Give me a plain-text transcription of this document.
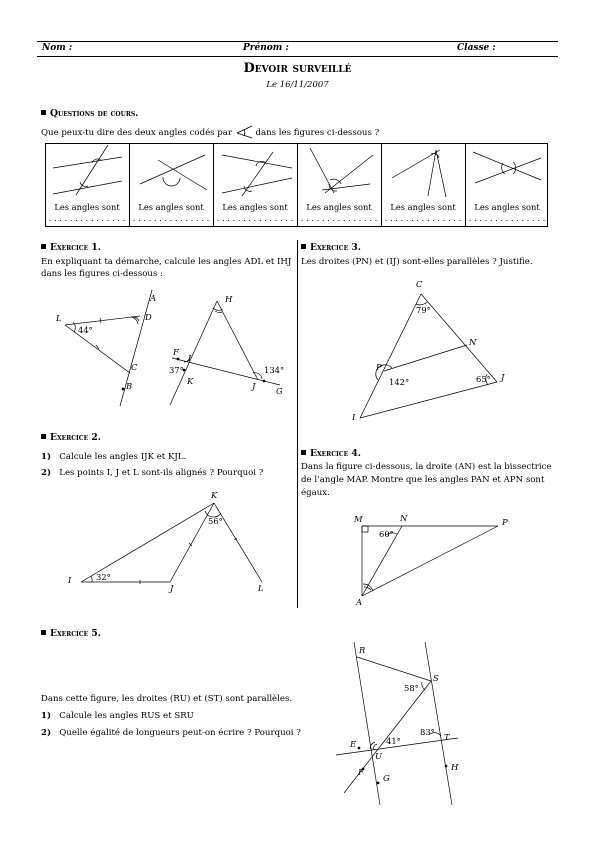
Nom :	Prénom :	Classe :
Devoir surveillé
Le 16/11/2007
Questions de cours.
Que peux-tu dire des deux angles codés par	dans les figures ci-dessous ?
Les angles sont
. . . . . . . . . . . . . . .
Les angles sont
. . . . . . . . . . . . . . .
Les angles sont
. . . . . . . . . . . . . . .
Les angles sont
. . . . . . . . . . . . . . .
Les angles sont
. . . . . . . . . . . . . . .
Les angles sont
. . . . . . . . . . . . . . .
Exercice 1.
En expliquant ta démarche, calcule les angles ADL et IHJ
dans les figures ci-dessous :
A
D
L
44°
C
B
H
F
I
37°
K	J
134°
G
Exercice 3.
Les droites (PN) et (IJ) sont-elles parallèles ? Justifie.
C
79°
N
P
142°	65° J
I
Exercice 2.
1) Calcule les angles IJK et KJL.
2) Les points I, J et L sont-ils alignés ? Pourquoi ?
K
56°
32°
I
J	L
Exercice 4.
Dans la figure ci-dessous, la droite (AN) est la bissectrice
de l’angle MAP. Montre que les angles PAN et APN sont
égaux.
M	N	P
60°
A
Exercice 5.
Dans cette figure, les droites (RU) et (ST) sont parallèles.
1) Calcule les angles RUS et SRU
2) Quelle égalité de longueurs peut-on écrire ? Pourquoi ?
R
S
58°
83° T
41°
E
U
F
G
H
